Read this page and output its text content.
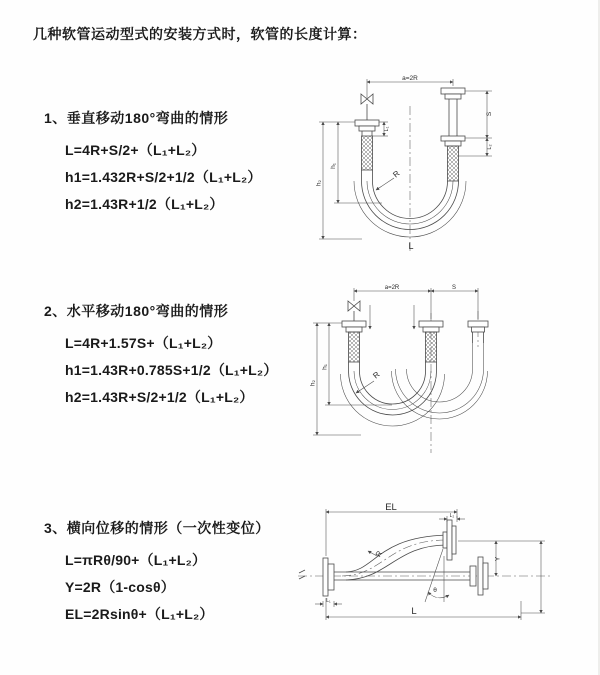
几种软管运动型式的安装方式时，软管的长度计算：

1、垂直移动180°弯曲的情形

L=4R+S/2+（L₁+L₂）

h1=1.432R+S/2+1/2（L₁+L₂）

h2=1.43R+1/2（L₁+L₂）

2、水平移动180°弯曲的情形

L=4R+1.57S+（L₁+L₂）

h1=1.43R+0.785S+1/2（L₁+L₂）

h2=1.43R+S/2+1/2（L₁+L₂）

3、横向位移的情形（一次性变位）

L=πRθ/90+（L₁+L₂）

Y=2R（1-cosθ）

EL=2Rsinθ+（L₁+L₂）

a=2R
h₁
h₂
L₁
S
L₂
R
L
a=2R	S
h₁
h₂
R
EL
L
Y
L₂
L₁
R
θ
